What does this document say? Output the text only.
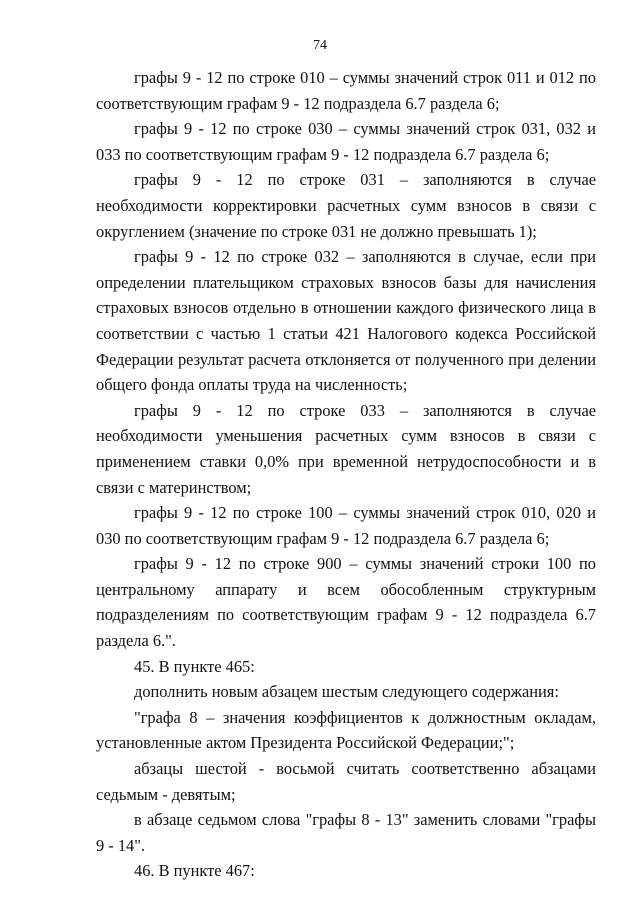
74

графы 9 - 12 по строке 010 – суммы значений строк 011 и 012 по соответствующим графам 9 - 12 подраздела 6.7 раздела 6;

графы 9 - 12 по строке 030 – суммы значений строк 031, 032 и 033 по соответствующим графам 9 - 12 подраздела 6.7 раздела 6;

графы 9 - 12 по строке 031 – заполняются в случае необходимости корректировки расчетных сумм взносов в связи с округлением (значение по строке 031 не должно превышать 1);

графы 9 - 12 по строке 032 – заполняются в случае, если при определении плательщиком страховых взносов базы для начисления страховых взносов отдельно в отношении каждого физического лица в соответствии с частью 1 статьи 421 Налогового кодекса Российской Федерации результат расчета отклоняется от полученного при делении общего фонда оплаты труда на численность;

графы 9 - 12 по строке 033 – заполняются в случае необходимости уменьшения расчетных сумм взносов в связи с применением ставки 0,0% при временной нетрудоспособности и в связи с материнством;

графы 9 - 12 по строке 100 – суммы значений строк 010, 020 и 030 по соответствующим графам 9 - 12 подраздела 6.7 раздела 6;

графы 9 - 12 по строке 900 – суммы значений строки 100 по центральному аппарату и всем обособленным структурным подразделениям по соответствующим графам 9 - 12 подраздела 6.7 раздела 6.".

45. В пункте 465:

дополнить новым абзацем шестым следующего содержания:

"графа 8 – значения коэффициентов к должностным окладам, установленные актом Президента Российской Федерации;";

абзацы шестой - восьмой считать соответственно абзацами седьмым - девятым;

в абзаце седьмом слова "графы 8 - 13" заменить словами "графы 9 - 14".

46. В пункте 467:
